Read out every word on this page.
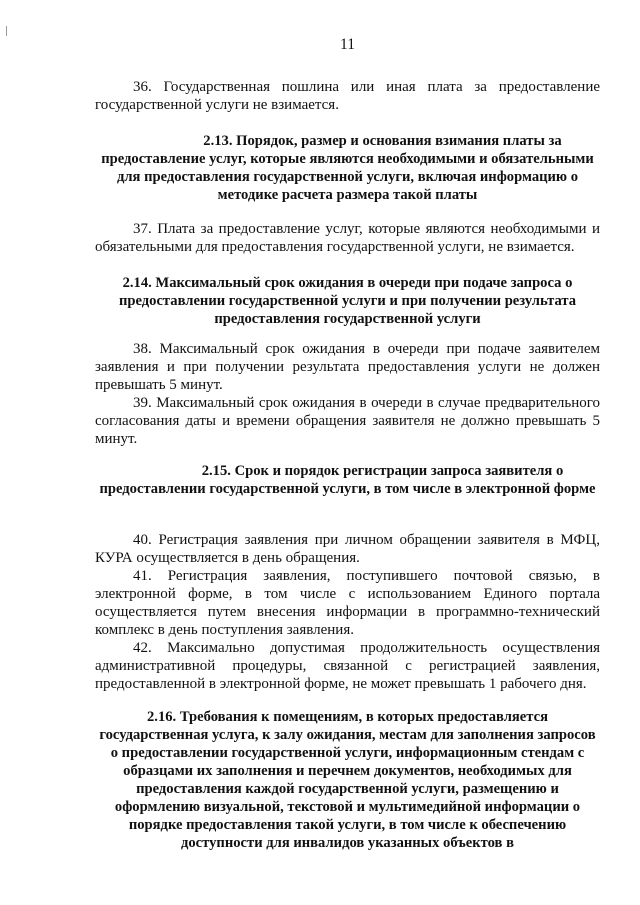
11
36. Государственная пошлина или иная плата за предоставление государственной услуги не взимается.
2.13. Порядок, размер и основания взимания платы за предоставление услуг, которые являются необходимыми и обязательными для предоставления государственной услуги, включая информацию о методике расчета размера такой платы
37. Плата за предоставление услуг, которые являются необходимыми и обязательными для предоставления государственной услуги, не взимается.
2.14. Максимальный срок ожидания в очереди при подаче запроса о предоставлении государственной услуги и при получении результата предоставления государственной услуги
38. Максимальный срок ожидания в очереди при подаче заявителем заявления и при получении результата предоставления услуги не должен превышать 5 минут.
39. Максимальный срок ожидания в очереди в случае предварительного согласования даты и времени обращения заявителя не должно превышать 5 минут.
2.15. Срок и порядок регистрации запроса заявителя о предоставлении государственной услуги, в том числе в электронной форме
40. Регистрация заявления при личном обращении заявителя в МФЦ, КУРА осуществляется в день обращения.
41. Регистрация заявления, поступившего почтовой связью, в электронной форме, в том числе с использованием Единого портала осуществляется путем внесения информации в программно-технический комплекс в день поступления заявления.
42. Максимально допустимая продолжительность осуществления административной процедуры, связанной с регистрацией заявления, предоставленной в электронной форме, не может превышать 1 рабочего дня.
2.16. Требования к помещениям, в которых предоставляется государственная услуга, к залу ожидания, местам для заполнения запросов о предоставлении государственной услуги, информационным стендам с образцами их заполнения и перечнем документов, необходимых для предоставления каждой государственной услуги, размещению и оформлению визуальной, текстовой и мультимедийной информации о порядке предоставления такой услуги, в том числе к обеспечению доступности для инвалидов указанных объектов в
